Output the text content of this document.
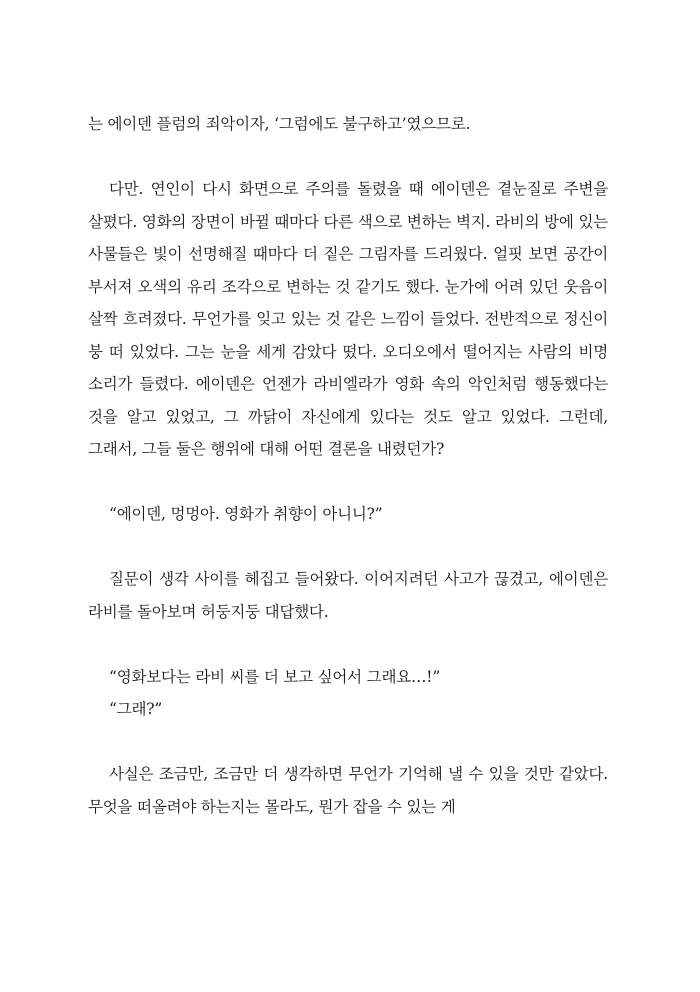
는 에이덴 플럼의 죄악이자, ‘그럼에도 불구하고’였으므로.

다만. 연인이 다시 화면으로 주의를 돌렸을 때 에이덴은 곁눈질로 주변을 살폈다. 영화의 장면이 바뀔 때마다 다른 색으로 변하는 벽지. 라비의 방에 있는 사물들은 빛이 선명해질 때마다 더 짙은 그림자를 드리웠다. 얼핏 보면 공간이 부서져 오색의 유리 조각으로 변하는 것 같기도 했다. 눈가에 어려 있던 웃음이 살짝 흐려졌다. 무언가를 잊고 있는 것 같은 느낌이 들었다. 전반적으로 정신이 붕 떠 있었다. 그는 눈을 세게 감았다 떴다. 오디오에서 떨어지는 사람의 비명 소리가 들렸다. 에이덴은 언젠가 라비엘라가 영화 속의 악인처럼 행동했다는 것을 알고 있었고, 그 까닭이 자신에게 있다는 것도 알고 있었다. 그런데, 그래서, 그들 둘은 행위에 대해 어떤 결론을 내렸던가?

“에이덴, 멍멍아. 영화가 취향이 아니니?”

질문이 생각 사이를 헤집고 들어왔다. 이어지려던 사고가 끊겼고, 에이덴은 라비를 돌아보며 허둥지둥 대답했다.

“영화보다는 라비 씨를 더 보고 싶어서 그래요…!”

“그래?”

사실은 조금만, 조금만 더 생각하면 무언가 기억해 낼 수 있을 것만 같았다. 무엇을 떠올려야 하는지는 몰라도, 뭔가 잡을 수 있는 게
